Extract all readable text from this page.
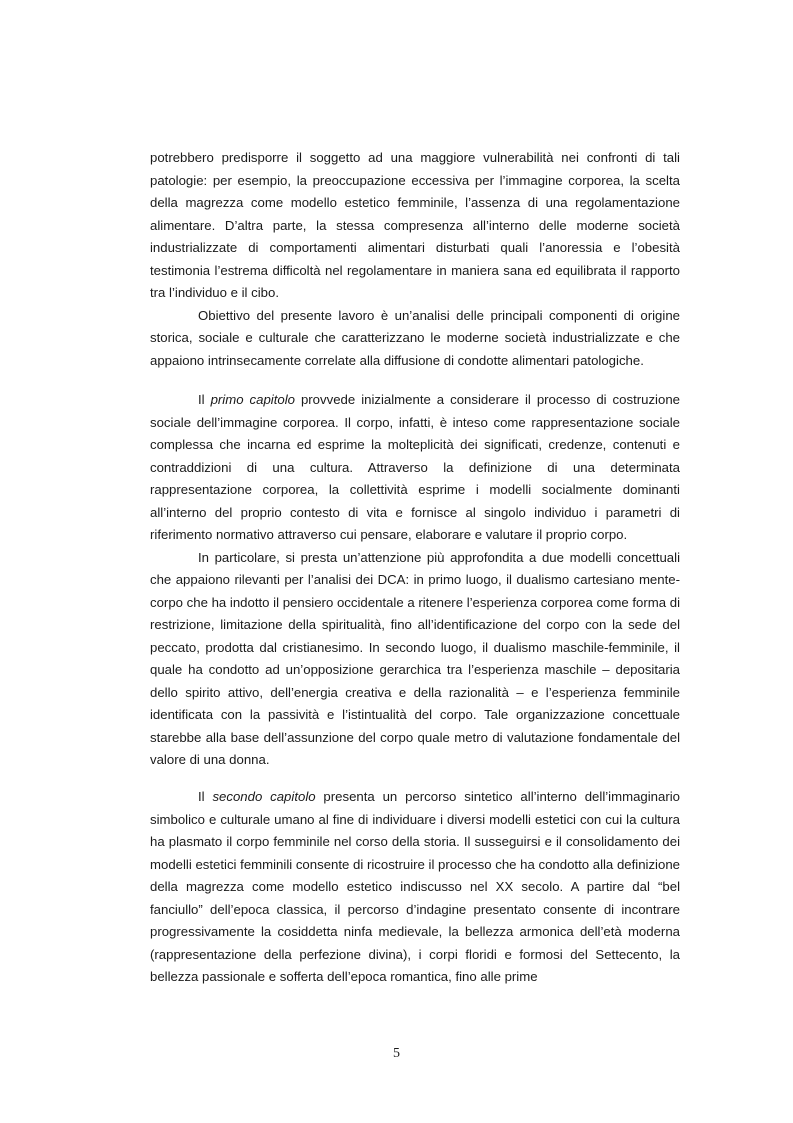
potrebbero predisporre il soggetto ad una maggiore vulnerabilità nei confronti di tali patologie: per esempio, la preoccupazione eccessiva per l’immagine corporea, la scelta della magrezza come modello estetico femminile, l’assenza di una regolamentazione alimentare. D’altra parte, la stessa compresenza all’interno delle moderne società industrializzate di comportamenti alimentari disturbati quali l’anoressia e l’obesità testimonia l’estrema difficoltà nel regolamentare in maniera sana ed equilibrata il rapporto tra l’individuo e il cibo.

Obiettivo del presente lavoro è un’analisi delle principali componenti di origine storica, sociale e culturale che caratterizzano le moderne società industrializzate e che appaiono intrinsecamente correlate alla diffusione di condotte alimentari patologiche.

Il primo capitolo provvede inizialmente a considerare il processo di costruzione sociale dell’immagine corporea. Il corpo, infatti, è inteso come rappresentazione sociale complessa che incarna ed esprime la molteplicità dei significati, credenze, contenuti e contraddizioni di una cultura. Attraverso la definizione di una determinata rappresentazione corporea, la collettività esprime i modelli socialmente dominanti all’interno del proprio contesto di vita e fornisce al singolo individuo i parametri di riferimento normativo attraverso cui pensare, elaborare e valutare il proprio corpo.

In particolare, si presta un’attenzione più approfondita a due modelli concettuali che appaiono rilevanti per l’analisi dei DCA: in primo luogo, il dualismo cartesiano mente-corpo che ha indotto il pensiero occidentale a ritenere l’esperienza corporea come forma di restrizione, limitazione della spiritualità, fino all’identificazione del corpo con la sede del peccato, prodotta dal cristianesimo. In secondo luogo, il dualismo maschile-femminile, il quale ha condotto ad un’opposizione gerarchica tra l’esperienza maschile – depositaria dello spirito attivo, dell’energia creativa e della razionalità – e l’esperienza femminile identificata con la passività e l’istintualità del corpo. Tale organizzazione concettuale starebbe alla base dell’assunzione del corpo quale metro di valutazione fondamentale del valore di una donna.

Il secondo capitolo presenta un percorso sintetico all’interno dell’immaginario simbolico e culturale umano al fine di individuare i diversi modelli estetici con cui la cultura ha plasmato il corpo femminile nel corso della storia. Il susseguirsi e il consolidamento dei modelli estetici femminili consente di ricostruire il processo che ha condotto alla definizione della magrezza come modello estetico indiscusso nel XX secolo. A partire dal “bel fanciullo” dell’epoca classica, il percorso d’indagine presentato consente di incontrare progressivamente la cosiddetta ninfa medievale, la bellezza armonica dell’età moderna (rappresentazione della perfezione divina), i corpi floridi e formosi del Settecento, la bellezza passionale e sofferta dell’epoca romantica, fino alle prime

5
